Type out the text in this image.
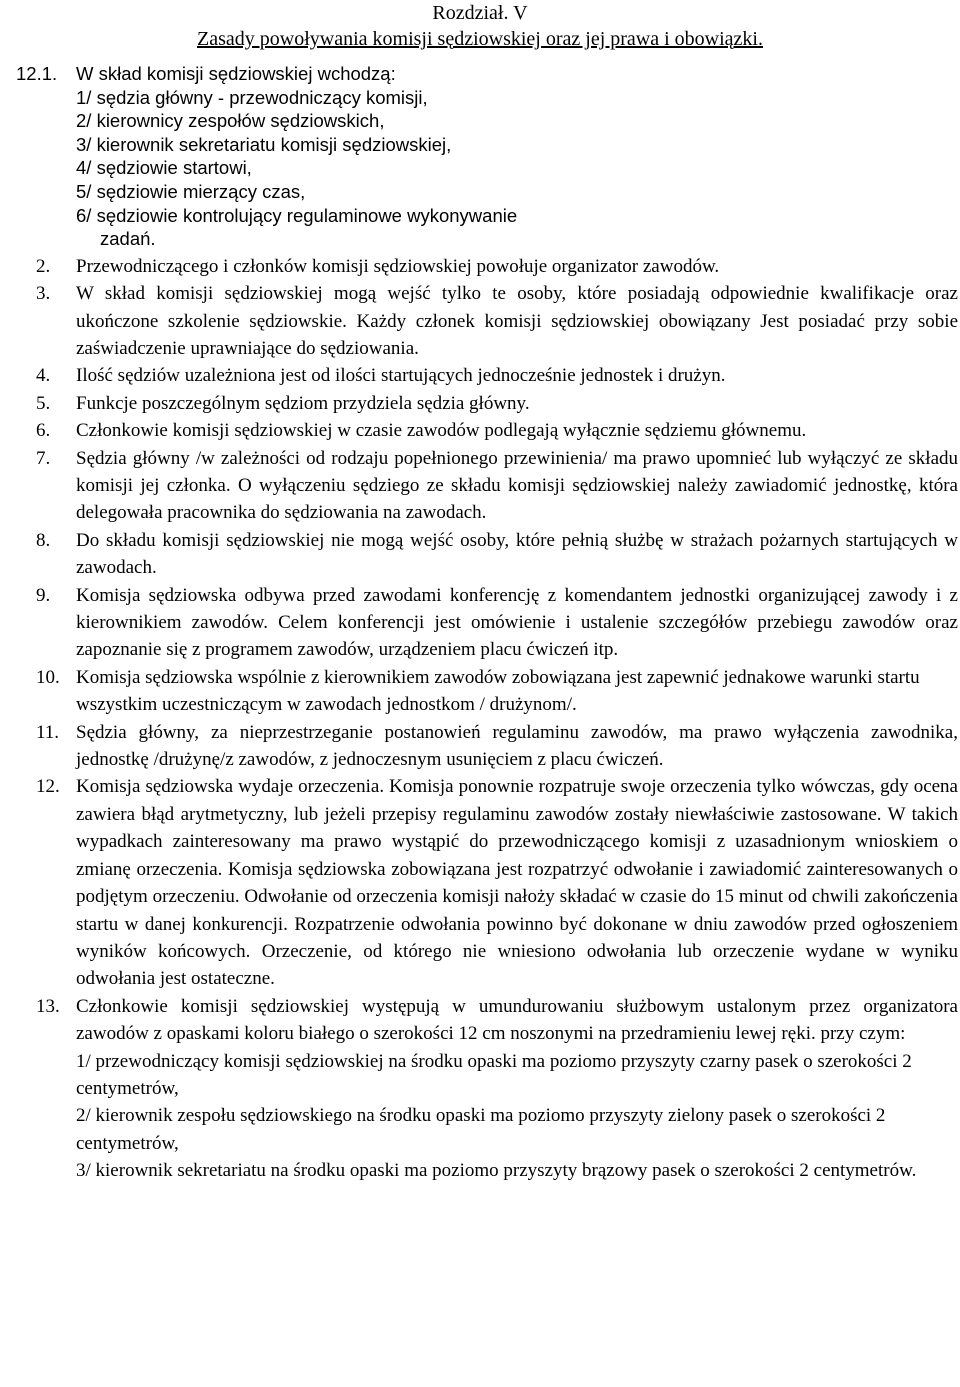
Rozdział. V
Zasady powoływania komisji sędziowskiej oraz jej prawa i obowiązki.
12.1. W skład komisji sędziowskiej wchodzą:
1/ sędzia główny - przewodniczący komisji,
2/ kierownicy zespołów sędziowskich,
3/ kierownik sekretariatu komisji sędziowskiej,
4/ sędziowie startowi,
5/ sędziowie mierzący czas,
6/ sędziowie kontrolujący regulaminowe wykonywanie
zadań.
2. Przewodniczącego i członków komisji sędziowskiej powołuje organizator zawodów.
3. W skład komisji sędziowskiej mogą wejść tylko te osoby, które posiadają odpowiednie kwalifikacje oraz ukończone szkolenie sędziowskie. Każdy członek komisji sędziowskiej obowiązany Jest posiadać przy sobie zaświadczenie uprawniające do sędziowania.
4. Ilość sędziów uzależniona jest od ilości startujących jednocześnie jednostek i drużyn.
5. Funkcje poszczególnym sędziom przydziela sędzia główny.
6. Członkowie komisji sędziowskiej w czasie zawodów podlegają wyłącznie sędziemu głównemu.
7. Sędzia główny /w zależności od rodzaju popełnionego przewinienia/ ma prawo upomnieć lub wyłączyć ze składu komisji jej członka. O wyłączeniu sędziego ze składu komisji sędziowskiej należy zawiadomić jednostkę, która delegowała pracownika do sędziowania na zawodach.
8. Do składu komisji sędziowskiej nie mogą wejść osoby, które pełnią służbę w strażach pożarnych startujących w zawodach.
9. Komisja sędziowska odbywa przed zawodami konferencję z komendantem jednostki organizującej zawody i z kierownikiem zawodów. Celem konferencji jest omówienie i ustalenie szczegółów przebiegu zawodów oraz zapoznanie się z programem zawodów, urządzeniem placu ćwiczeń itp.
10. Komisja sędziowska wspólnie z kierownikiem zawodów zobowiązana jest zapewnić jednakowe warunki startu wszystkim uczestniczącym w zawodach jednostkom / drużynom/.
11. Sędzia główny, za nieprzestrzeganie postanowień regulaminu zawodów, ma prawo wyłączenia zawodnika, jednostkę /drużynę/z zawodów, z jednoczesnym usunięciem z placu ćwiczeń.
12. Komisja sędziowska wydaje orzeczenia. Komisja ponownie rozpatruje swoje orzeczenia tylko wówczas, gdy ocena zawiera błąd arytmetyczny, lub jeżeli przepisy regulaminu zawodów zostały niewłaściwie zastosowane. W takich wypadkach zainteresowany ma prawo wystąpić do przewodniczącego komisji z uzasadnionym wnioskiem o zmianę orzeczenia. Komisja sędziowska zobowiązana jest rozpatrzyć odwołanie i zawiadomić zainteresowanych o podjętym orzeczeniu. Odwołanie od orzeczenia komisji nałoży składać w czasie do 15 minut od chwili zakończenia startu w danej konkurencji. Rozpatrzenie odwołania powinno być dokonane w dniu zawodów przed ogłoszeniem wyników końcowych. Orzeczenie, od którego nie wniesiono odwołania lub orzeczenie wydane w wyniku odwołania jest ostateczne.
13. Członkowie komisji sędziowskiej występują w umundurowaniu służbowym ustalonym przez organizatora zawodów z opaskami koloru białego o szerokości 12 cm noszonymi na przedramieniu lewej ręki. przy czym:
1/ przewodniczący komisji sędziowskiej na środku opaski ma poziomo przyszyty czarny pasek o szerokości 2 centymetrów,
2/ kierownik zespołu sędziowskiego na środku opaski ma poziomo przyszyty zielony pasek o szerokości 2 centymetrów,
3/ kierownik sekretariatu na środku opaski ma poziomo przyszyty brązowy pasek o szerokości 2 centymetrów.
